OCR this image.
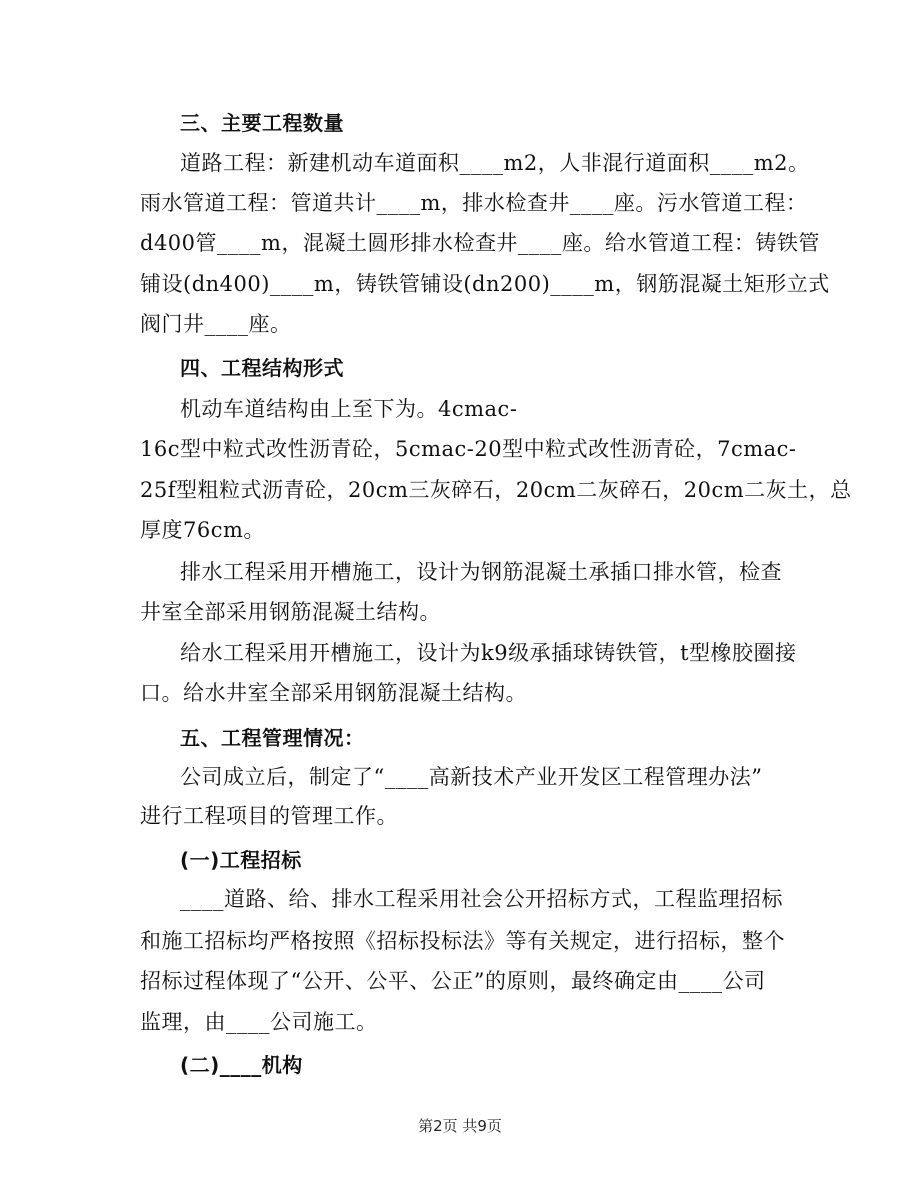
三、主要工程数量
道路工程：新建机动车道面积____m2，人非混行道面积____m2。
雨水管道工程：管道共计____m，排水检查井____座。污水管道工程：
d400管____m，混凝土圆形排水检查井____座。给水管道工程：铸铁管
铺设(dn400)____m，铸铁管铺设(dn200)____m，钢筋混凝土矩形立式
阀门井____座。
四、工程结构形式
机动车道结构由上至下为。4cmac-
16c型中粒式改性沥青砼，5cmac-20型中粒式改性沥青砼，7cmac-
25f型粗粒式沥青砼，20cm三灰碎石，20cm二灰碎石，20cm二灰土，总
厚度76cm。
排水工程采用开槽施工，设计为钢筋混凝土承插口排水管，检查
井室全部采用钢筋混凝土结构。
给水工程采用开槽施工，设计为k9级承插球铸铁管，t型橡胶圈接
口。给水井室全部采用钢筋混凝土结构。
五、工程管理情况：
公司成立后，制定了“____高新技术产业开发区工程管理办法”
进行工程项目的管理工作。
(一)工程招标
____道路、给、排水工程采用社会公开招标方式，工程监理招标
和施工招标均严格按照《招标投标法》等有关规定，进行招标，整个
招标过程体现了“公开、公平、公正”的原则，最终确定由____公司
监理，由____公司施工。
(二)____机构
第2页 共9页
